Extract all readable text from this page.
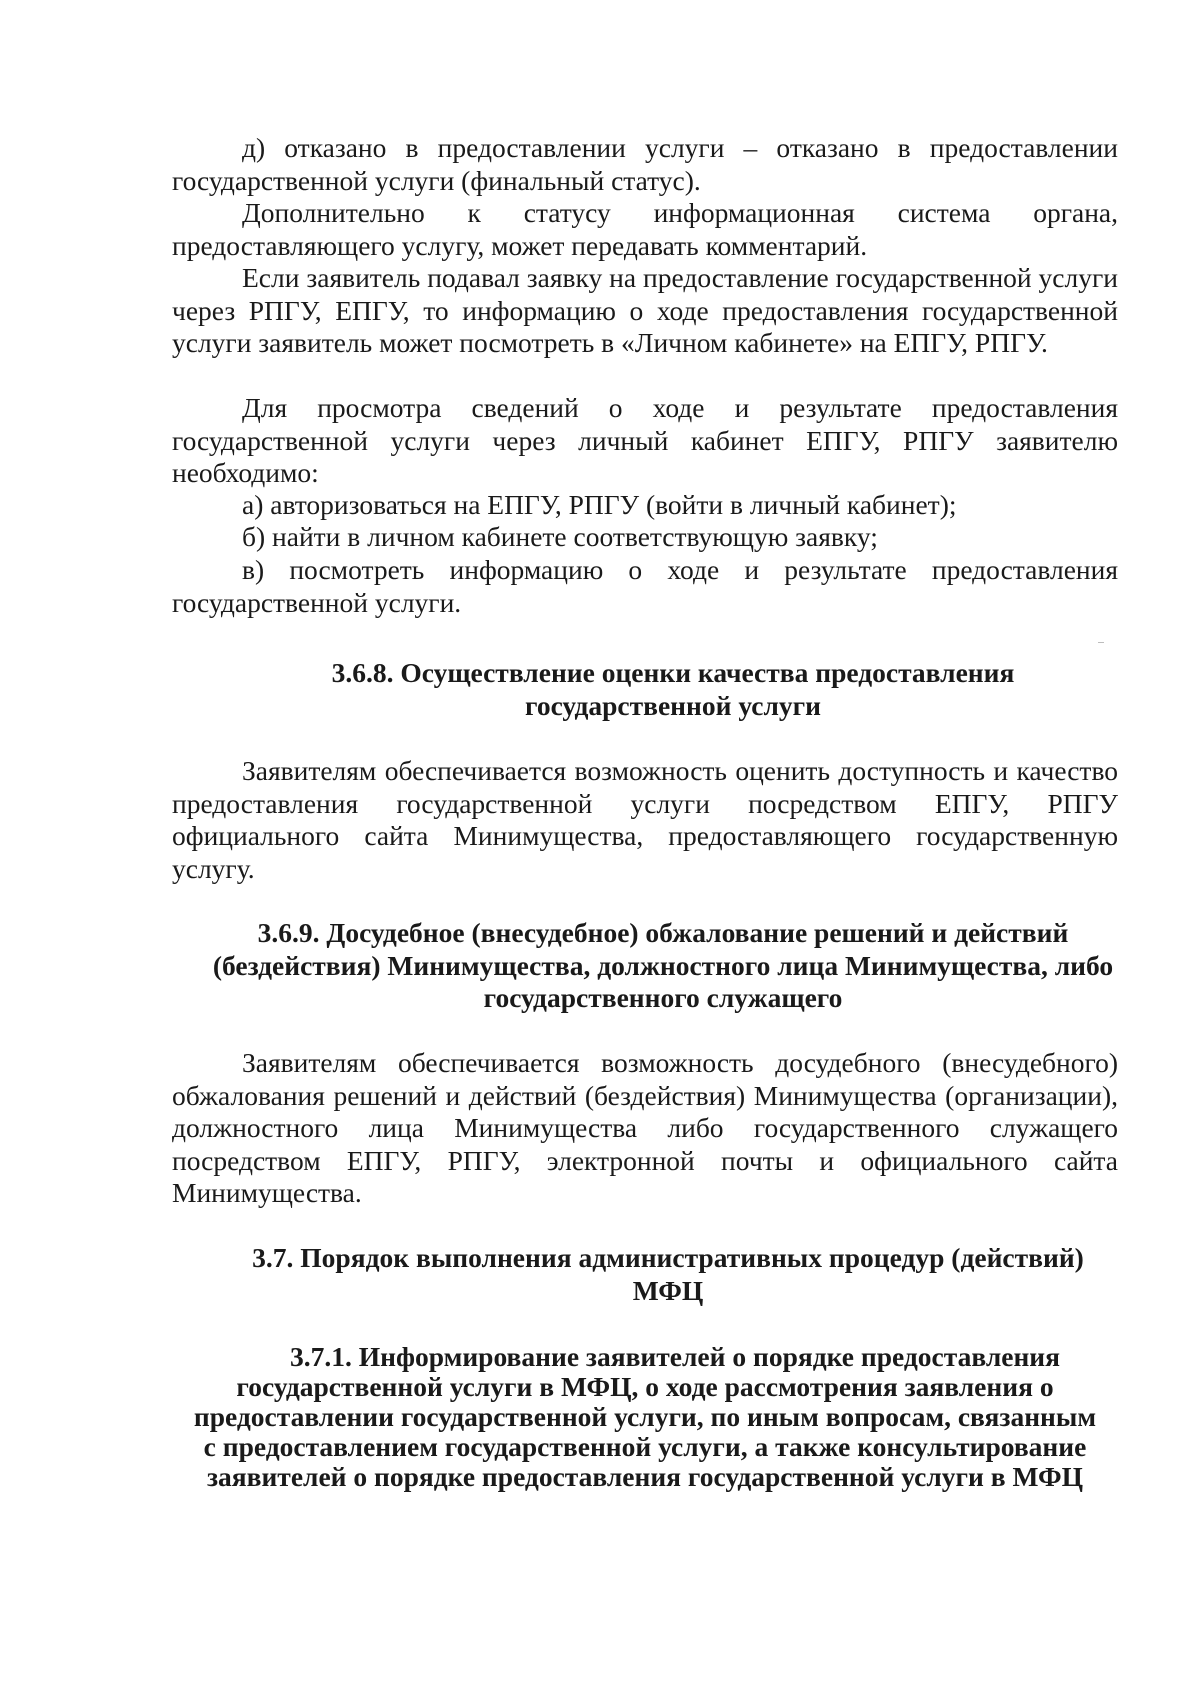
д) отказано в предоставлении услуги – отказано в предоставлении государственной услуги (финальный статус).

Дополнительно к статусу информационная система органа, предоставляющего услугу, может передавать комментарий.

Если заявитель подавал заявку на предоставление государственной услуги через РПГУ, ЕПГУ, то информацию о ходе предоставления государственной услуги заявитель может посмотреть в «Личном кабинете» на ЕПГУ, РПГУ.

Для просмотра сведений о ходе и результате предоставления государственной услуги через личный кабинет ЕПГУ, РПГУ заявителю необходимо:

а) авторизоваться на ЕПГУ, РПГУ (войти в личный кабинет);

б) найти в личном кабинете соответствующую заявку;

в) посмотреть информацию о ходе и результате предоставления государственной услуги.

3.6.8. Осуществление оценки качества предоставления
государственной услуги

Заявителям обеспечивается возможность оценить доступность и качество предоставления государственной услуги посредством ЕПГУ, РПГУ официального сайта Минимущества, предоставляющего государственную услугу.

3.6.9. Досудебное (внесудебное) обжалование решений и действий
(бездействия) Минимущества, должностного лица Минимущества, либо
государственного служащего

Заявителям обеспечивается возможность досудебного (внесудебного) обжалования решений и действий (бездействия) Минимущества (организации), должностного лица Минимущества либо государственного служащего посредством ЕПГУ, РПГУ, электронной почты и официального сайта Минимущества.

3.7. Порядок выполнения административных процедур (действий)
МФЦ
3.7.1. Информирование заявителей о порядке предоставления
государственной услуги в МФЦ, о ходе рассмотрения заявления о
предоставлении государственной услуги, по иным вопросам, связанным
с предоставлением государственной услуги, а также консультирование
заявителей о порядке предоставления государственной услуги в МФЦ
